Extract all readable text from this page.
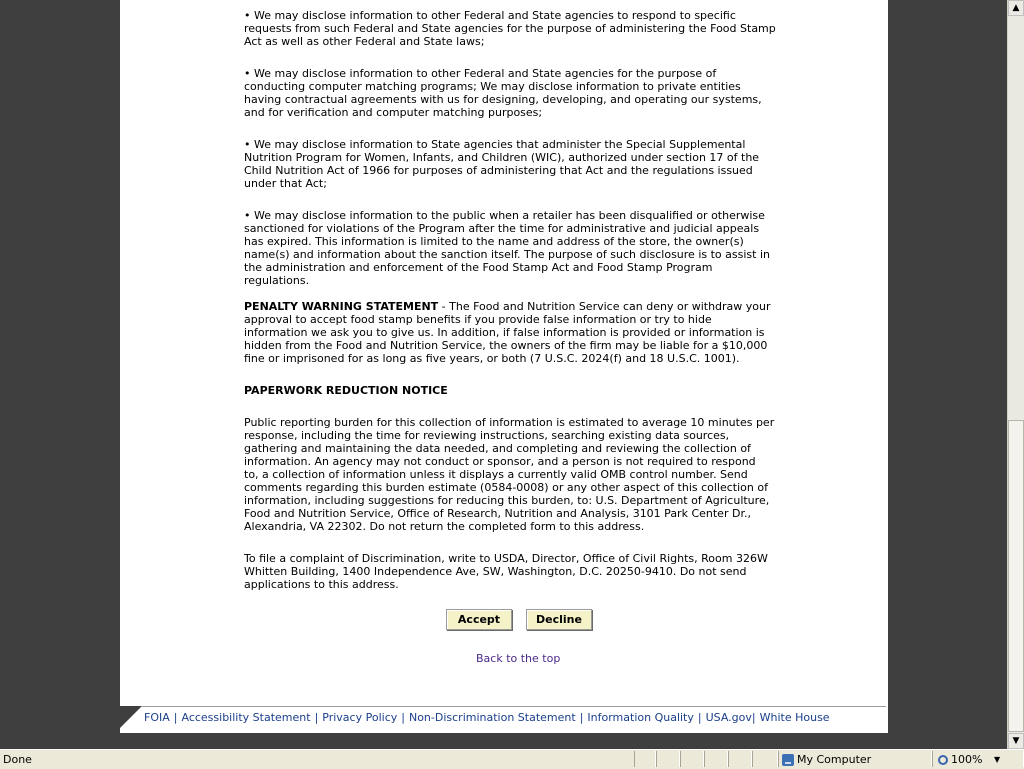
• We may disclose information to other Federal and State agencies to respond to specific
requests from such Federal and State agencies for the purpose of administering the Food Stamp
Act as well as other Federal and State laws;

• We may disclose information to other Federal and State agencies for the purpose of
conducting computer matching programs; We may disclose information to private entities
having contractual agreements with us for designing, developing, and operating our systems,
and for verification and computer matching purposes;

• We may disclose information to State agencies that administer the Special Supplemental
Nutrition Program for Women, Infants, and Children (WIC), authorized under section 17 of the
Child Nutrition Act of 1966 for purposes of administering that Act and the regulations issued
under that Act;

• We may disclose information to the public when a retailer has been disqualified or otherwise
sanctioned for violations of the Program after the time for administrative and judicial appeals
has expired. This information is limited to the name and address of the store, the owner(s)
name(s) and information about the sanction itself. The purpose of such disclosure is to assist in
the administration and enforcement of the Food Stamp Act and Food Stamp Program
regulations.

PENALTY WARNING STATEMENT - The Food and Nutrition Service can deny or withdraw your
approval to accept food stamp benefits if you provide false information or try to hide
information we ask you to give us. In addition, if false information is provided or information is
hidden from the Food and Nutrition Service, the owners of the firm may be liable for a $10,000
fine or imprisoned for as long as five years, or both (7 U.S.C. 2024(f) and 18 U.S.C. 1001).

PAPERWORK REDUCTION NOTICE

Public reporting burden for this collection of information is estimated to average 10 minutes per
response, including the time for reviewing instructions, searching existing data sources,
gathering and maintaining the data needed, and completing and reviewing the collection of
information. An agency may not conduct or sponsor, and a person is not required to respond
to, a collection of information unless it displays a currently valid OMB control number. Send
comments regarding this burden estimate (0584-0008) or any other aspect of this collection of
information, including suggestions for reducing this burden, to: U.S. Department of Agriculture,
Food and Nutrition Service, Office of Research, Nutrition and Analysis, 3101 Park Center Dr.,
Alexandria, VA 22302. Do not return the completed form to this address.

To file a complaint of Discrimination, write to USDA, Director, Office of Civil Rights, Room 326W
Whitten Building, 1400 Independence Ave, SW, Washington, D.C. 20250-9410. Do not send
applications to this address.

Accept	Decline
Back to the top
FOIA | Accessibility Statement | Privacy Policy | Non-Discrimination Statement | Information Quality | USA.gov| White House
▲
▼
Done	My Computer	100% ▼
